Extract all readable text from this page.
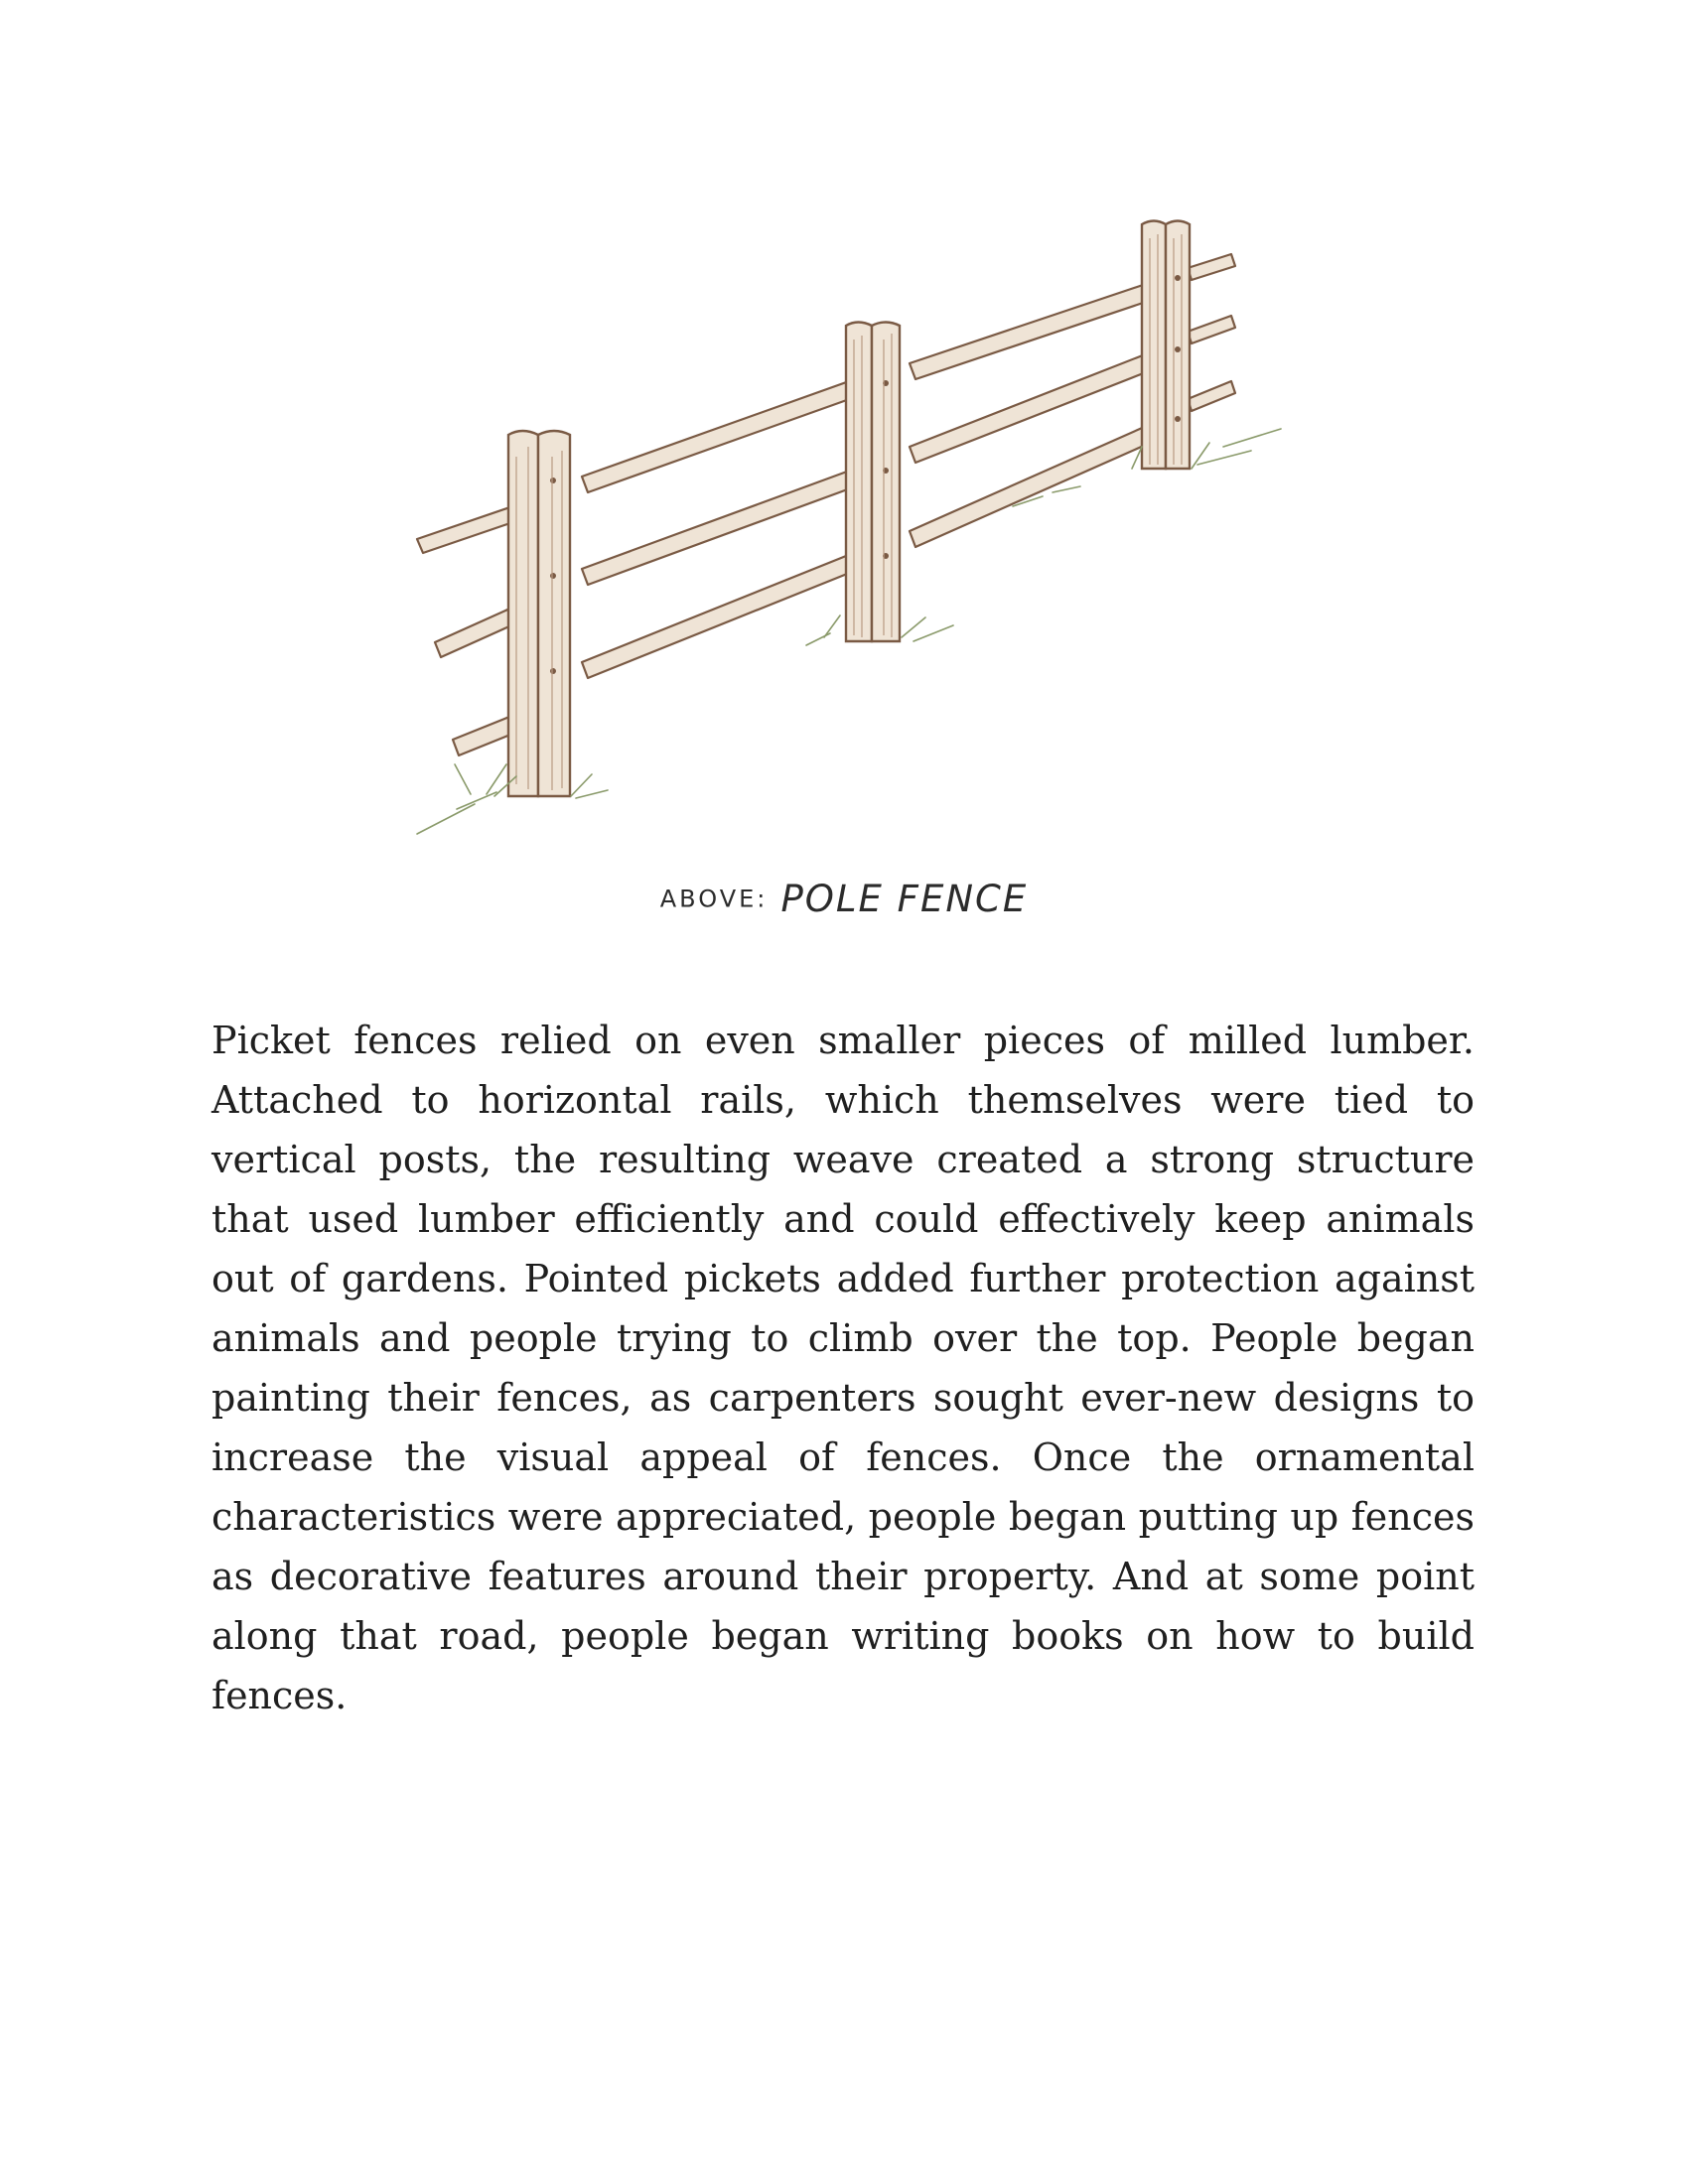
ABOVE: POLE FENCE

Picket fences relied on even smaller pieces of milled lumber. Attached to horizontal rails, which themselves were tied to vertical posts, the resulting weave created a strong structure that used lumber efficiently and could effectively keep animals out of gardens. Pointed pickets added further protection against animals and people trying to climb over the top. People began painting their fences, as carpenters sought ever-new designs to increase the visual appeal of fences. Once the ornamental characteristics were appreciated, people began putting up fences as decorative features around their property. And at some point along that road, people began writing books on how to build fences.
